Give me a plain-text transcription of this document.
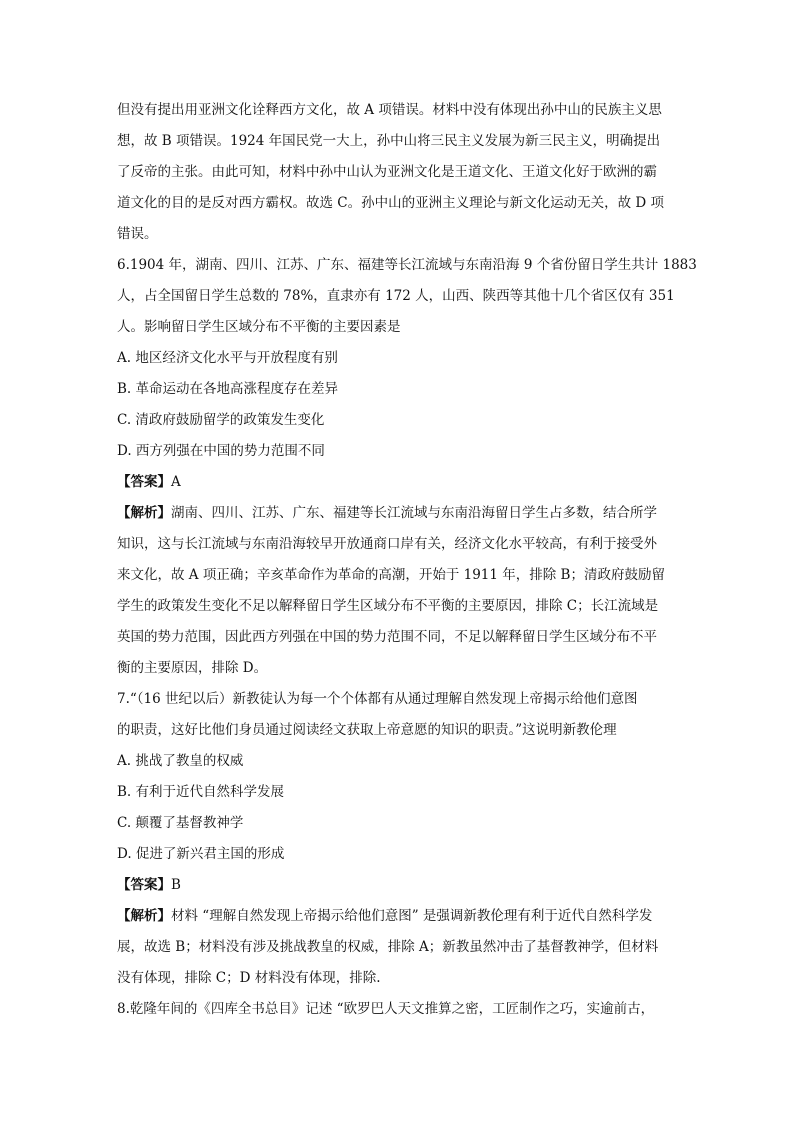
但没有提出用亚洲文化诠释西方文化，故 A 项错误。材料中没有体现出孙中山的民族主义思
想，故 B 项错误。1924 年国民党一大上，孙中山将三民主义发展为新三民主义，明确提出
了反帝的主张。由此可知，材料中孙中山认为亚洲文化是王道文化、王道文化好于欧洲的霸
道文化的目的是反对西方霸权。故选 C。孙中山的亚洲主义理论与新文化运动无关，故 D 项
错误。

6.1904 年，湖南、四川、江苏、广东、福建等长江流域与东南沿海 9 个省份留日学生共计 1883
人，占全国留日学生总数的 78%，直隶亦有 172 人，山西、陕西等其他十几个省区仅有 351
人。影响留日学生区域分布不平衡的主要因素是

A. 地区经济文化水平与开放程度有别
B. 革命运动在各地高涨程度存在差异
C. 清政府鼓励留学的政策发生变化
D. 西方列强在中国的势力范围不同

【答案】A

【解析】湖南、四川、江苏、广东、福建等长江流域与东南沿海留日学生占多数，结合所学
知识，这与长江流域与东南沿海较早开放通商口岸有关，经济文化水平较高，有利于接受外
来文化，故 A 项正确；辛亥革命作为革命的高潮，开始于 1911 年，排除 B；清政府鼓励留
学生的政策发生变化不足以解释留日学生区域分布不平衡的主要原因，排除 C；长江流域是
英国的势力范围，因此西方列强在中国的势力范围不同，不足以解释留日学生区域分布不平
衡的主要原因，排除 D。

7.“（16 世纪以后）新教徒认为每一个个体都有从通过理解自然发现上帝揭示给他们意图
的职责，这好比他们身员通过阅读经文获取上帝意愿的知识的职责。”这说明新教伦理

A. 挑战了教皇的权威
B. 有利于近代自然科学发展
C. 颠覆了基督教神学
D. 促进了新兴君主国的形成

【答案】B

【解析】材料 “理解自然发现上帝揭示给他们意图” 是强调新教伦理有利于近代自然科学发
展，故选 B；材料没有涉及挑战教皇的权威，排除 A；新教虽然冲击了基督教神学，但材料
没有体现，排除 C；D 材料没有体现，排除.

8.乾隆年间的《四库全书总目》记述 “欧罗巴人天文推算之密，工匠制作之巧，实逾前古，
